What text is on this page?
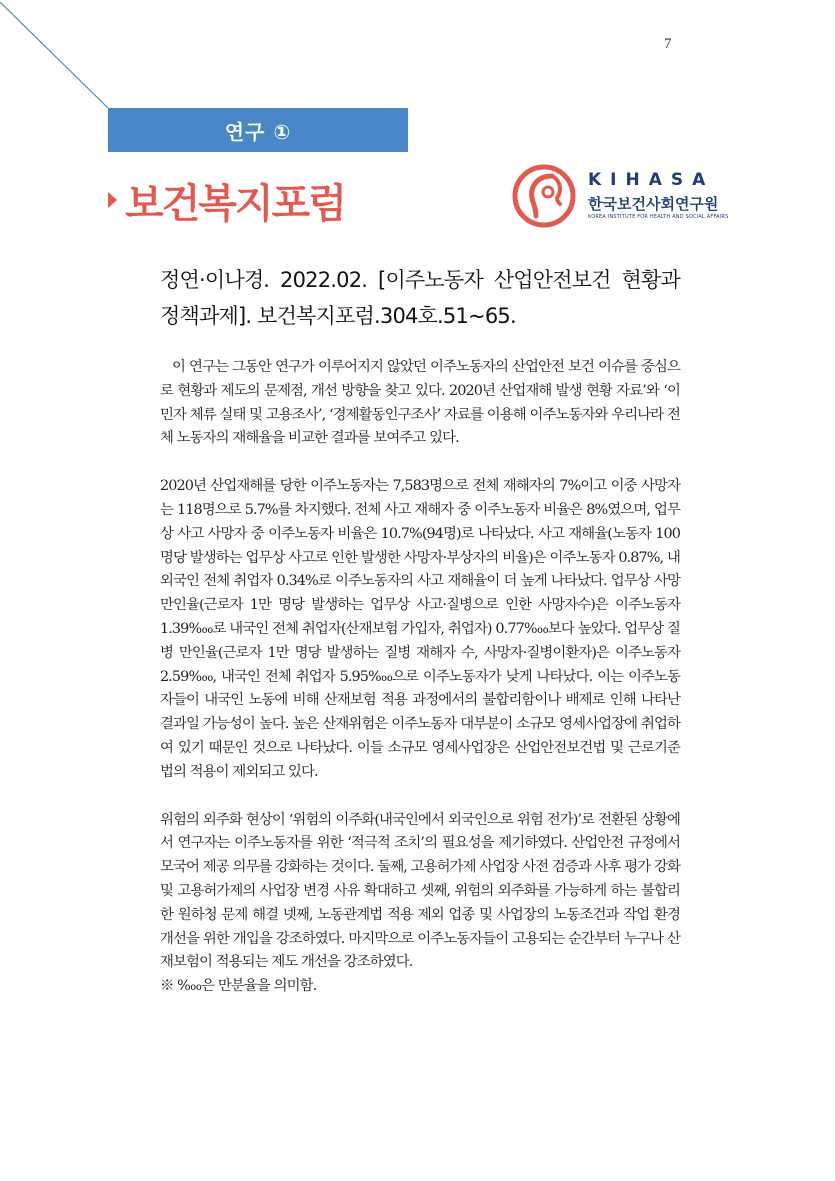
7
연구 ①
보건복지포럼
KIHASA
한국보건사회연구원
KOREA INSTITUTE FOR HEALTH AND SOCIAL AFFAIRS
정연·이나경. 2022.02. [이주노동자 산업안전보건 현황과 정책과제]. 보건복지포럼.304호.51~65.

이 연구는 그동안 연구가 이루어지지 않았던 이주노동자의 산업안전 보건 이슈를 중심으로 현황과 제도의 문제점, 개선 방향을 찾고 있다. 2020년 산업재해 발생 현황 자료’와 ‘이민자 체류 실태 및 고용조사’, ‘경제활동인구조사’ 자료를 이용해 이주노동자와 우리나라 전체 노동자의 재해율을 비교한 결과를 보여주고 있다.

2020년 산업재해를 당한 이주노동자는 7,583명으로 전체 재해자의 7%이고 이중 사망자는 118명으로 5.7%를 차지했다. 전체 사고 재해자 중 이주노동자 비율은 8%였으며, 업무상 사고 사망자 중 이주노동자 비율은 10.7%(94명)로 나타났다. 사고 재해율(노동자 100명당 발생하는 업무상 사고로 인한 발생한 사망자·부상자의 비율)은 이주노동자 0.87%, 내외국인 전체 취업자 0.34%로 이주노동자의 사고 재해율이 더 높게 나타났다. 업무상 사망만인율(근로자 1만 명당 발생하는 업무상 사고·질병으로 인한 사망자수)은 이주노동자 1.39‱로 내국인 전체 취업자(산재보험 가입자, 취업자) 0.77‱보다 높았다. 업무상 질병 만인율(근로자 1만 명당 발생하는 질병 재해자 수, 사망자·질병이환자)은 이주노동자 2.59‱, 내국인 전체 취업자 5.95‱으로 이주노동자가 낮게 나타났다. 이는 이주노동자들이 내국인 노동에 비해 산재보험 적용 과정에서의 불합리함이나 배제로 인해 나타난 결과일 가능성이 높다. 높은 산재위험은 이주노동자 대부분이 소규모 영세사업장에 취업하여 있기 때문인 것으로 나타났다. 이들 소규모 영세사업장은 산업안전보건법 및 근로기준법의 적용이 제외되고 있다.

위험의 외주화 현상이 ‘위험의 이주화(내국인에서 외국인으로 위험 전가)’로 전환된 상황에서 연구자는 이주노동자를 위한 ‘적극적 조치’의 필요성을 제기하였다. 산업안전 규정에서 모국어 제공 의무를 강화하는 것이다. 둘째, 고용허가제 사업장 사전 검증과 사후 평가 강화 및 고용허가제의 사업장 변경 사유 확대하고 셋째, 위험의 외주화를 가능하게 하는 불합리한 원하청 문제 해결 넷째, 노동관계법 적용 제외 업종 및 사업장의 노동조건과 작업 환경 개선을 위한 개입을 강조하였다. 마지막으로 이주노동자들이 고용되는 순간부터 누구나 산재보험이 적용되는 제도 개선을 강조하였다.

※ ‱은 만분율을 의미함.
